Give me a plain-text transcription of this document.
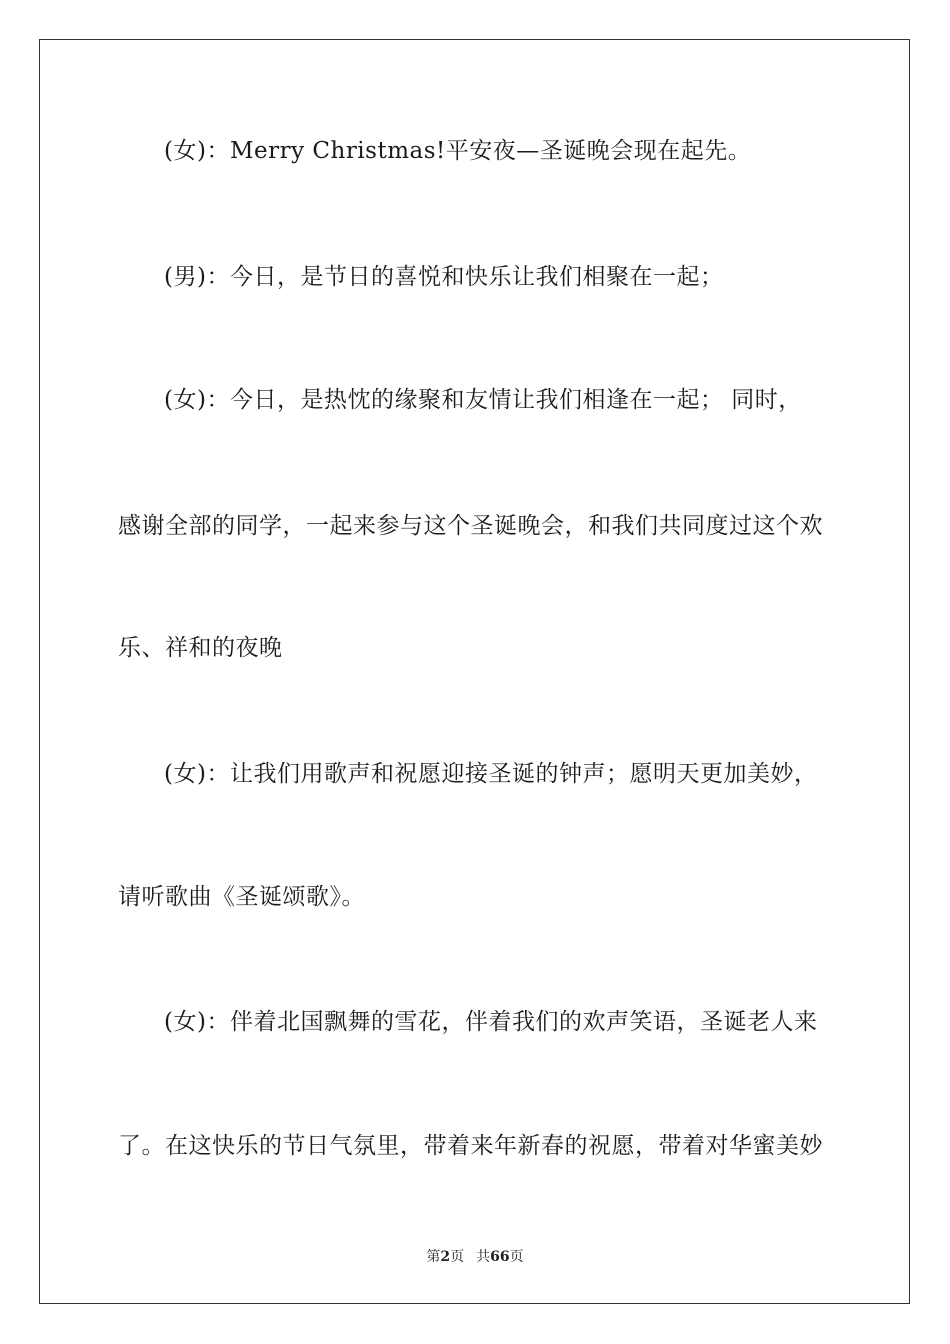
(女)：Merry Christmas!平安夜—圣诞晚会现在起先。

(男)：今日，是节日的喜悦和快乐让我们相聚在一起；

(女)：今日，是热忱的缘聚和友情让我们相逢在一起； 同时，

感谢全部的同学，一起来参与这个圣诞晚会，和我们共同度过这个欢

乐、祥和的夜晚

(女)：让我们用歌声和祝愿迎接圣诞的钟声；愿明天更加美妙，

请听歌曲《圣诞颂歌》。

(女)：伴着北国飘舞的雪花，伴着我们的欢声笑语，圣诞老人来

了。在这快乐的节日气氛里，带着来年新春的祝愿，带着对华蜜美妙

第2页 共66页
